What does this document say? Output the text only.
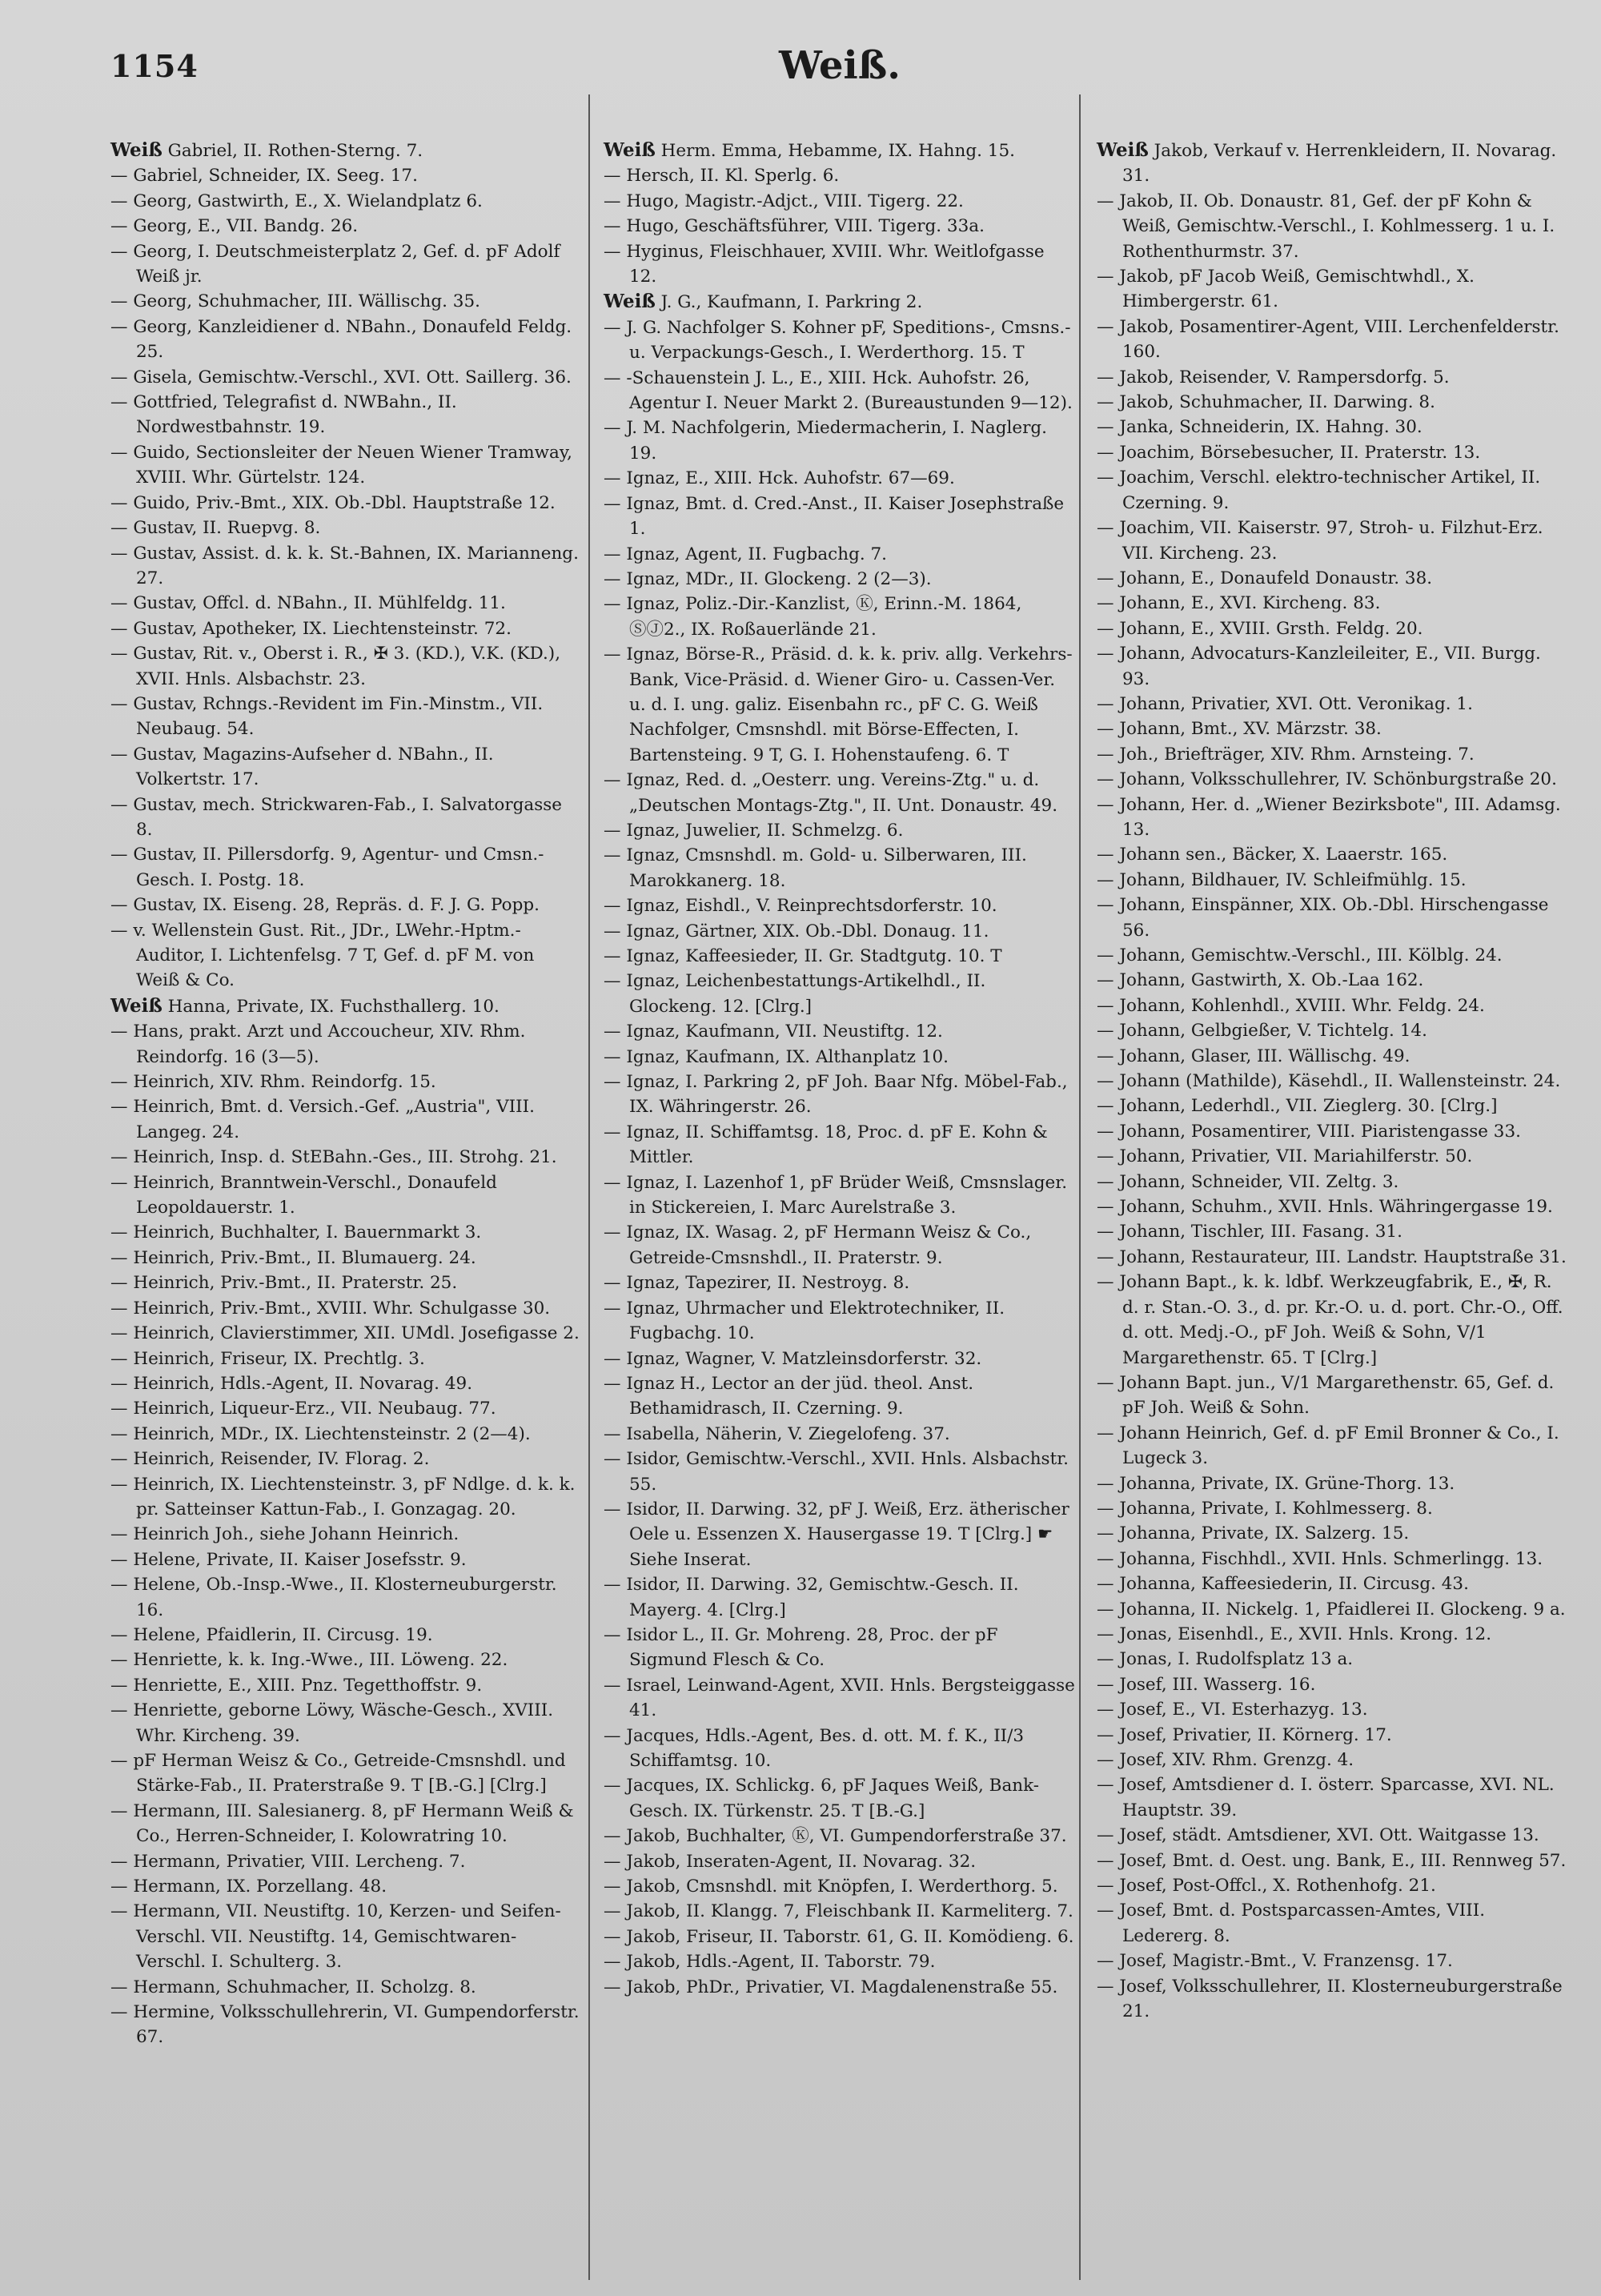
1154	Weiß.
Weiß Gabriel, II. Rothen-Sterng. 7.
— Gabriel, Schneider, IX. Seeg. 17.
— Georg, Gastwirth, E., X. Wielandplatz 6.
— Georg, E., VII. Bandg. 26.
— Georg, I. Deutschmeisterplatz 2, Gef. d. pF Adolf Weiß jr.
— Georg, Schuhmacher, III. Wällischg. 35.
— Georg, Kanzleidiener d. NBahn., Donaufeld Feldg. 25.
— Gisela, Gemischtw.-Verschl., XVI. Ott. Saillerg. 36.
— Gottfried, Telegrafist d. NWBahn., II. Nordwestbahnstr. 19.
— Guido, Sectionsleiter der Neuen Wiener Tramway, XVIII. Whr. Gürtelstr. 124.
— Guido, Priv.-Bmt., XIX. Ob.-Dbl. Hauptstraße 12.
— Gustav, II. Ruepvg. 8.
— Gustav, Assist. d. k. k. St.-Bahnen, IX. Marianneng. 27.
— Gustav, Offcl. d. NBahn., II. Mühlfeldg. 11.
— Gustav, Apotheker, IX. Liechtensteinstr. 72.
— Gustav, Rit. v., Oberst i. R., ✠ 3. (KD.), V.K. (KD.), XVII. Hnls. Alsbachstr. 23.
— Gustav, Rchngs.-Revident im Fin.-Minstm., VII. Neubaug. 54.
— Gustav, Magazins-Aufseher d. NBahn., II. Volkertstr. 17.
— Gustav, mech. Strickwaren-Fab., I. Salvatorgasse 8.
— Gustav, II. Pillersdorfg. 9, Agentur- und Cmsn.-Gesch. I. Postg. 18.
— Gustav, IX. Eiseng. 28, Repräs. d. F. J. G. Popp.
— v. Wellenstein Gust. Rit., JDr., LWehr.-Hptm.-Auditor, I. Lichtenfelsg. 7 T, Gef. d. pF M. von Weiß & Co.
Weiß Hanna, Private, IX. Fuchsthallerg. 10.
— Hans, prakt. Arzt und Accoucheur, XIV. Rhm. Reindorfg. 16 (3—5).
— Heinrich, XIV. Rhm. Reindorfg. 15.
— Heinrich, Bmt. d. Versich.-Gef. „Austria", VIII. Langeg. 24.
— Heinrich, Insp. d. StEBahn.-Ges., III. Strohg. 21.
— Heinrich, Branntwein-Verschl., Donaufeld Leopoldauerstr. 1.
— Heinrich, Buchhalter, I. Bauernmarkt 3.
— Heinrich, Priv.-Bmt., II. Blumauerg. 24.
— Heinrich, Priv.-Bmt., II. Praterstr. 25.
— Heinrich, Priv.-Bmt., XVIII. Whr. Schulgasse 30.
— Heinrich, Clavierstimmer, XII. UMdl. Josefigasse 2.
— Heinrich, Friseur, IX. Prechtlg. 3.
— Heinrich, Hdls.-Agent, II. Novarag. 49.
— Heinrich, Liqueur-Erz., VII. Neubaug. 77.
— Heinrich, MDr., IX. Liechtensteinstr. 2 (2—4).
— Heinrich, Reisender, IV. Florag. 2.
— Heinrich, IX. Liechtensteinstr. 3, pF Ndlge. d. k. k. pr. Satteinser Kattun-Fab., I. Gonzagag. 20.
— Heinrich Joh., siehe Johann Heinrich.
— Helene, Private, II. Kaiser Josefsstr. 9.
— Helene, Ob.-Insp.-Wwe., II. Klosterneuburgerstr. 16.
— Helene, Pfaidlerin, II. Circusg. 19.
— Henriette, k. k. Ing.-Wwe., III. Löweng. 22.
— Henriette, E., XIII. Pnz. Tegetthoffstr. 9.
— Henriette, geborne Löwy, Wäsche-Gesch., XVIII. Whr. Kircheng. 39.
— pF Herman Weisz & Co., Getreide-Cmsnshdl. und Stärke-Fab., II. Praterstraße 9. T [B.-G.] [Clrg.]
— Hermann, III. Salesianerg. 8, pF Hermann Weiß & Co., Herren-Schneider, I. Kolowratring 10.
— Hermann, Privatier, VIII. Lercheng. 7.
— Hermann, IX. Porzellang. 48.
— Hermann, VII. Neustiftg. 10, Kerzen- und Seifen-Verschl. VII. Neustiftg. 14, Gemischtwaren-Verschl. I. Schulterg. 3.
— Hermann, Schuhmacher, II. Scholzg. 8.
— Hermine, Volksschullehrerin, VI. Gumpendorferstr. 67.
Weiß Herm. Emma, Hebamme, IX. Hahng. 15.
— Hersch, II. Kl. Sperlg. 6.
— Hugo, Magistr.-Adjct., VIII. Tigerg. 22.
— Hugo, Geschäftsführer, VIII. Tigerg. 33a.
— Hyginus, Fleischhauer, XVIII. Whr. Weitlofgasse 12.
Weiß J. G., Kaufmann, I. Parkring 2.
— J. G. Nachfolger S. Kohner pF, Speditions-, Cmsns.- u. Verpackungs-Gesch., I. Werderthorg. 15. T
— -Schauenstein J. L., E., XIII. Hck. Auhofstr. 26, Agentur I. Neuer Markt 2. (Bureaustunden 9—12).
— J. M. Nachfolgerin, Miedermacherin, I. Naglerg. 19.
— Ignaz, E., XIII. Hck. Auhofstr. 67—69.
— Ignaz, Bmt. d. Cred.-Anst., II. Kaiser Josephstraße 1.
— Ignaz, Agent, II. Fugbachg. 7.
— Ignaz, MDr., II. Glockeng. 2 (2—3).
— Ignaz, Poliz.-Dir.-Kanzlist, Ⓚ, Erinn.-M. 1864, ⓈⒿ2., IX. Roßauerlände 21.
— Ignaz, Börse-R., Präsid. d. k. k. priv. allg. Verkehrs-Bank, Vice-Präsid. d. Wiener Giro- u. Cassen-Ver. u. d. I. ung. galiz. Eisenbahn rc., pF C. G. Weiß Nachfolger, Cmsnshdl. mit Börse-Effecten, I. Bartensteing. 9 T, G. I. Hohenstaufeng. 6. T
— Ignaz, Red. d. „Oesterr. ung. Vereins-Ztg." u. d. „Deutschen Montags-Ztg.", II. Unt. Donaustr. 49.
— Ignaz, Juwelier, II. Schmelzg. 6.
— Ignaz, Cmsnshdl. m. Gold- u. Silberwaren, III. Marokkanerg. 18.
— Ignaz, Eishdl., V. Reinprechtsdorferstr. 10.
— Ignaz, Gärtner, XIX. Ob.-Dbl. Donaug. 11.
— Ignaz, Kaffeesieder, II. Gr. Stadtgutg. 10. T
— Ignaz, Leichenbestattungs-Artikelhdl., II. Glockeng. 12. [Clrg.]
— Ignaz, Kaufmann, VII. Neustiftg. 12.
— Ignaz, Kaufmann, IX. Althanplatz 10.
— Ignaz, I. Parkring 2, pF Joh. Baar Nfg. Möbel-Fab., IX. Währingerstr. 26.
— Ignaz, II. Schiffamtsg. 18, Proc. d. pF E. Kohn & Mittler.
— Ignaz, I. Lazenhof 1, pF Brüder Weiß, Cmsnslager. in Stickereien, I. Marc Aurelstraße 3.
— Ignaz, IX. Wasag. 2, pF Hermann Weisz & Co., Getreide-Cmsnshdl., II. Praterstr. 9.
— Ignaz, Tapezirer, II. Nestroyg. 8.
— Ignaz, Uhrmacher und Elektrotechniker, II. Fugbachg. 10.
— Ignaz, Wagner, V. Matzleinsdorferstr. 32.
— Ignaz H., Lector an der jüd. theol. Anst. Bethamidrasch, II. Czerning. 9.
— Isabella, Näherin, V. Ziegelofeng. 37.
— Isidor, Gemischtw.-Verschl., XVII. Hnls. Alsbachstr. 55.
— Isidor, II. Darwing. 32, pF J. Weiß, Erz. ätherischer Oele u. Essenzen X. Hausergasse 19. T [Clrg.] ☛ Siehe Inserat.
— Isidor, II. Darwing. 32, Gemischtw.-Gesch. II. Mayerg. 4. [Clrg.]
— Isidor L., II. Gr. Mohreng. 28, Proc. der pF Sigmund Flesch & Co.
— Israel, Leinwand-Agent, XVII. Hnls. Bergsteiggasse 41.
— Jacques, Hdls.-Agent, Bes. d. ott. M. f. K., II/3 Schiffamtsg. 10.
— Jacques, IX. Schlickg. 6, pF Jaques Weiß, Bank-Gesch. IX. Türkenstr. 25. T [B.-G.]
— Jakob, Buchhalter, Ⓚ, VI. Gumpendorferstraße 37.
— Jakob, Inseraten-Agent, II. Novarag. 32.
— Jakob, Cmsnshdl. mit Knöpfen, I. Werderthorg. 5.
— Jakob, II. Klangg. 7, Fleischbank II. Karmeliterg. 7.
— Jakob, Friseur, II. Taborstr. 61, G. II. Komödieng. 6.
— Jakob, Hdls.-Agent, II. Taborstr. 79.
— Jakob, PhDr., Privatier, VI. Magdalenenstraße 55.
Weiß Jakob, Verkauf v. Herrenkleidern, II. Novarag. 31.
— Jakob, II. Ob. Donaustr. 81, Gef. der pF Kohn & Weiß, Gemischtw.-Verschl., I. Kohlmesserg. 1 u. I. Rothenthurmstr. 37.
— Jakob, pF Jacob Weiß, Gemischtwhdl., X. Himbergerstr. 61.
— Jakob, Posamentirer-Agent, VIII. Lerchenfelderstr. 160.
— Jakob, Reisender, V. Rampersdorfg. 5.
— Jakob, Schuhmacher, II. Darwing. 8.
— Janka, Schneiderin, IX. Hahng. 30.
— Joachim, Börsebesucher, II. Praterstr. 13.
— Joachim, Verschl. elektro-technischer Artikel, II. Czerning. 9.
— Joachim, VII. Kaiserstr. 97, Stroh- u. Filzhut-Erz. VII. Kircheng. 23.
— Johann, E., Donaufeld Donaustr. 38.
— Johann, E., XVI. Kircheng. 83.
— Johann, E., XVIII. Grsth. Feldg. 20.
— Johann, Advocaturs-Kanzleileiter, E., VII. Burgg. 93.
— Johann, Privatier, XVI. Ott. Veronikag. 1.
— Johann, Bmt., XV. Märzstr. 38.
— Joh., Briefträger, XIV. Rhm. Arnsteing. 7.
— Johann, Volksschullehrer, IV. Schönburgstraße 20.
— Johann, Her. d. „Wiener Bezirksbote", III. Adamsg. 13.
— Johann sen., Bäcker, X. Laaerstr. 165.
— Johann, Bildhauer, IV. Schleifmühlg. 15.
— Johann, Einspänner, XIX. Ob.-Dbl. Hirschengasse 56.
— Johann, Gemischtw.-Verschl., III. Kölblg. 24.
— Johann, Gastwirth, X. Ob.-Laa 162.
— Johann, Kohlenhdl., XVIII. Whr. Feldg. 24.
— Johann, Gelbgießer, V. Tichtelg. 14.
— Johann, Glaser, III. Wällischg. 49.
— Johann (Mathilde), Käsehdl., II. Wallensteinstr. 24.
— Johann, Lederhdl., VII. Zieglerg. 30. [Clrg.]
— Johann, Posamentirer, VIII. Piaristengasse 33.
— Johann, Privatier, VII. Mariahilferstr. 50.
— Johann, Schneider, VII. Zeltg. 3.
— Johann, Schuhm., XVII. Hnls. Währingergasse 19.
— Johann, Tischler, III. Fasang. 31.
— Johann, Restaurateur, III. Landstr. Hauptstraße 31.
— Johann Bapt., k. k. ldbf. Werkzeugfabrik, E., ✠, R. d. r. Stan.-O. 3., d. pr. Kr.-O. u. d. port. Chr.-O., Off. d. ott. Medj.-O., pF Joh. Weiß & Sohn, V/1 Margarethenstr. 65. T [Clrg.]
— Johann Bapt. jun., V/1 Margarethenstr. 65, Gef. d. pF Joh. Weiß & Sohn.
— Johann Heinrich, Gef. d. pF Emil Bronner & Co., I. Lugeck 3.
— Johanna, Private, IX. Grüne-Thorg. 13.
— Johanna, Private, I. Kohlmesserg. 8.
— Johanna, Private, IX. Salzerg. 15.
— Johanna, Fischhdl., XVII. Hnls. Schmerlingg. 13.
— Johanna, Kaffeesiederin, II. Circusg. 43.
— Johanna, II. Nickelg. 1, Pfaidlerei II. Glockeng. 9 a.
— Jonas, Eisenhdl., E., XVII. Hnls. Krong. 12.
— Jonas, I. Rudolfsplatz 13 a.
— Josef, III. Wasserg. 16.
— Josef, E., VI. Esterhazyg. 13.
— Josef, Privatier, II. Körnerg. 17.
— Josef, XIV. Rhm. Grenzg. 4.
— Josef, Amtsdiener d. I. österr. Sparcasse, XVI. NL. Hauptstr. 39.
— Josef, städt. Amtsdiener, XVI. Ott. Waitgasse 13.
— Josef, Bmt. d. Oest. ung. Bank, E., III. Rennweg 57.
— Josef, Post-Offcl., X. Rothenhofg. 21.
— Josef, Bmt. d. Postsparcassen-Amtes, VIII. Ledererg. 8.
— Josef, Magistr.-Bmt., V. Franzensg. 17.
— Josef, Volksschullehrer, II. Klosterneuburgerstraße 21.
